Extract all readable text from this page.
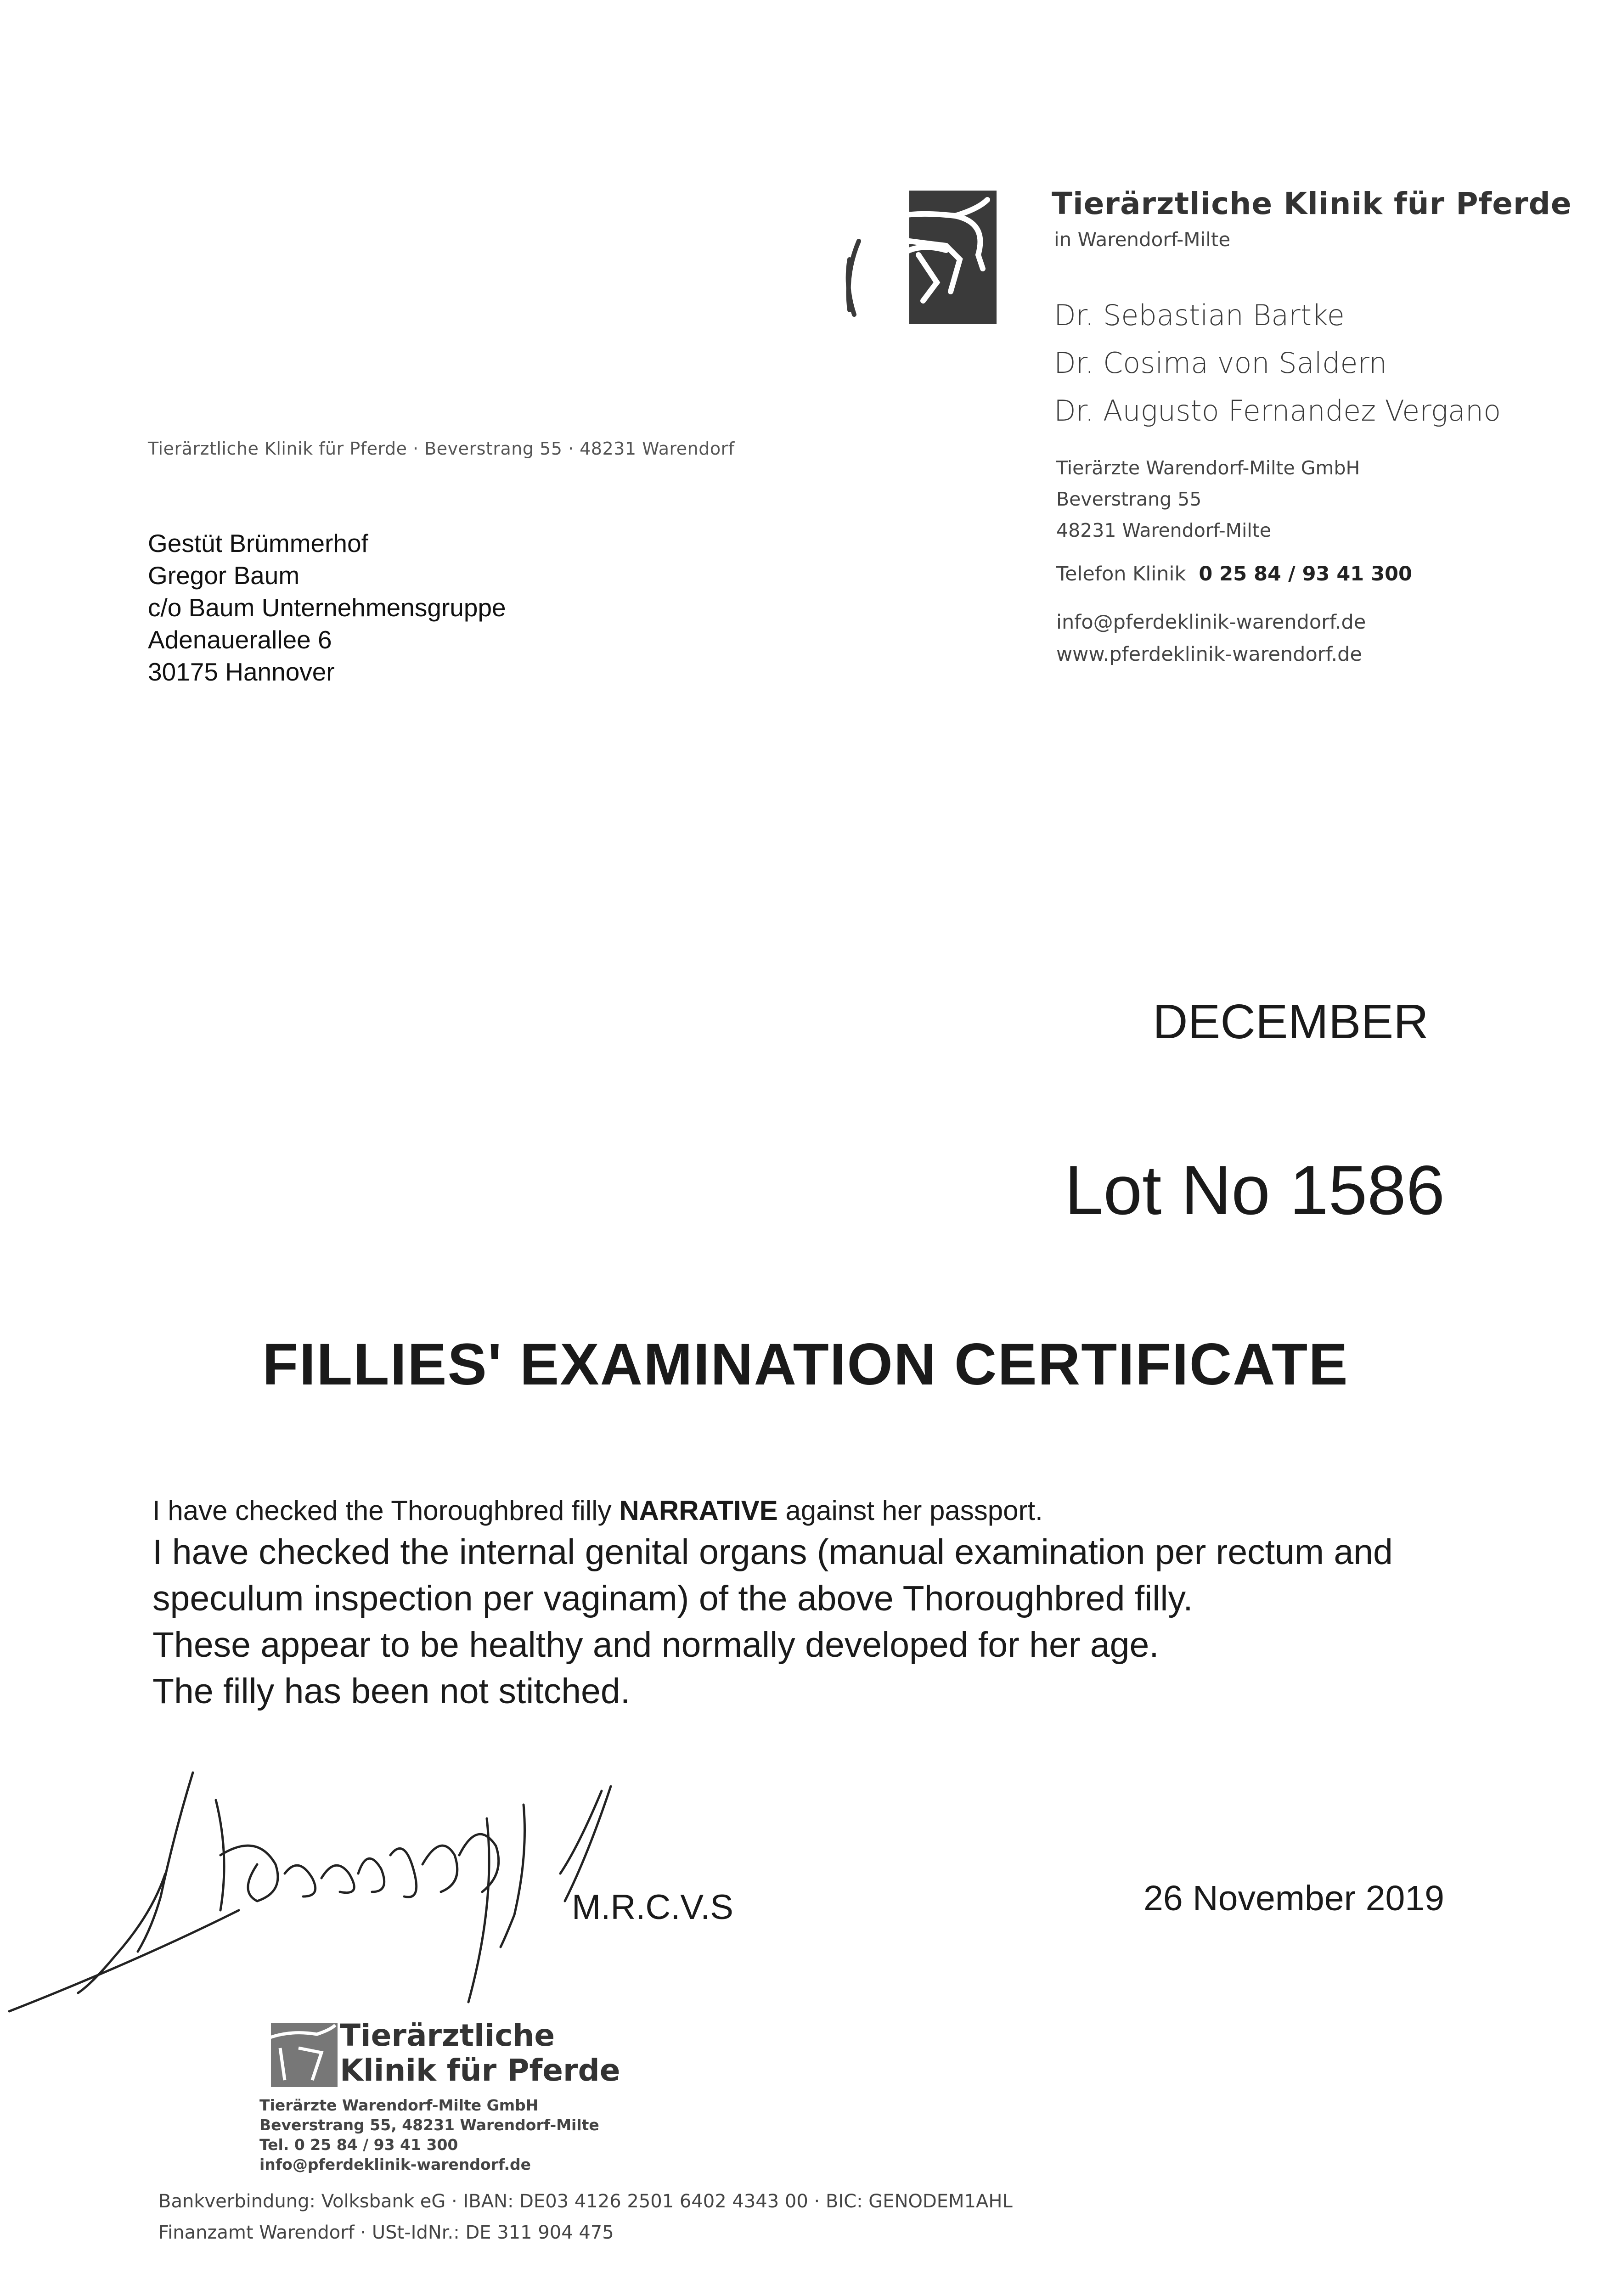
Tierärztliche Klinik für Pferde
in Warendorf-Milte
Dr. Sebastian Bartke
Dr. Cosima von Saldern
Dr. Augusto Fernandez Vergano
Tierärzte Warendorf-Milte GmbH
Beverstrang 55
48231 Warendorf-Milte
Telefon Klinik 0 25 84 / 93 41 300
info@pferdeklinik-warendorf.de
www.pferdeklinik-warendorf.de
Tierärztliche Klinik für Pferde · Beverstrang 55 · 48231 Warendorf
Gestüt Brümmerhof
Gregor Baum
c/o Baum Unternehmensgruppe
Adenauerallee 6
30175 Hannover
DECEMBER
Lot No 1586
FILLIES' EXAMINATION CERTIFICATE
I have checked the Thoroughbred filly NARRATIVE against her passport.
I have checked the internal genital organs (manual examination per rectum and
speculum inspection per vaginam) of the above Thoroughbred filly.
These appear to be healthy and normally developed for her age.
The filly has been not stitched.
M.R.C.V.S	26 November 2019
Tierärztliche
Klinik für Pferde
Tierärzte Warendorf-Milte GmbH
Beverstrang 55, 48231 Warendorf-Milte
Tel. 0 25 84 / 93 41 300
info@pferdeklinik-warendorf.de
Bankverbindung: Volksbank eG · IBAN: DE03 4126 2501 6402 4343 00 · BIC: GENODEM1AHL
Finanzamt Warendorf · USt-IdNr.: DE 311 904 475
